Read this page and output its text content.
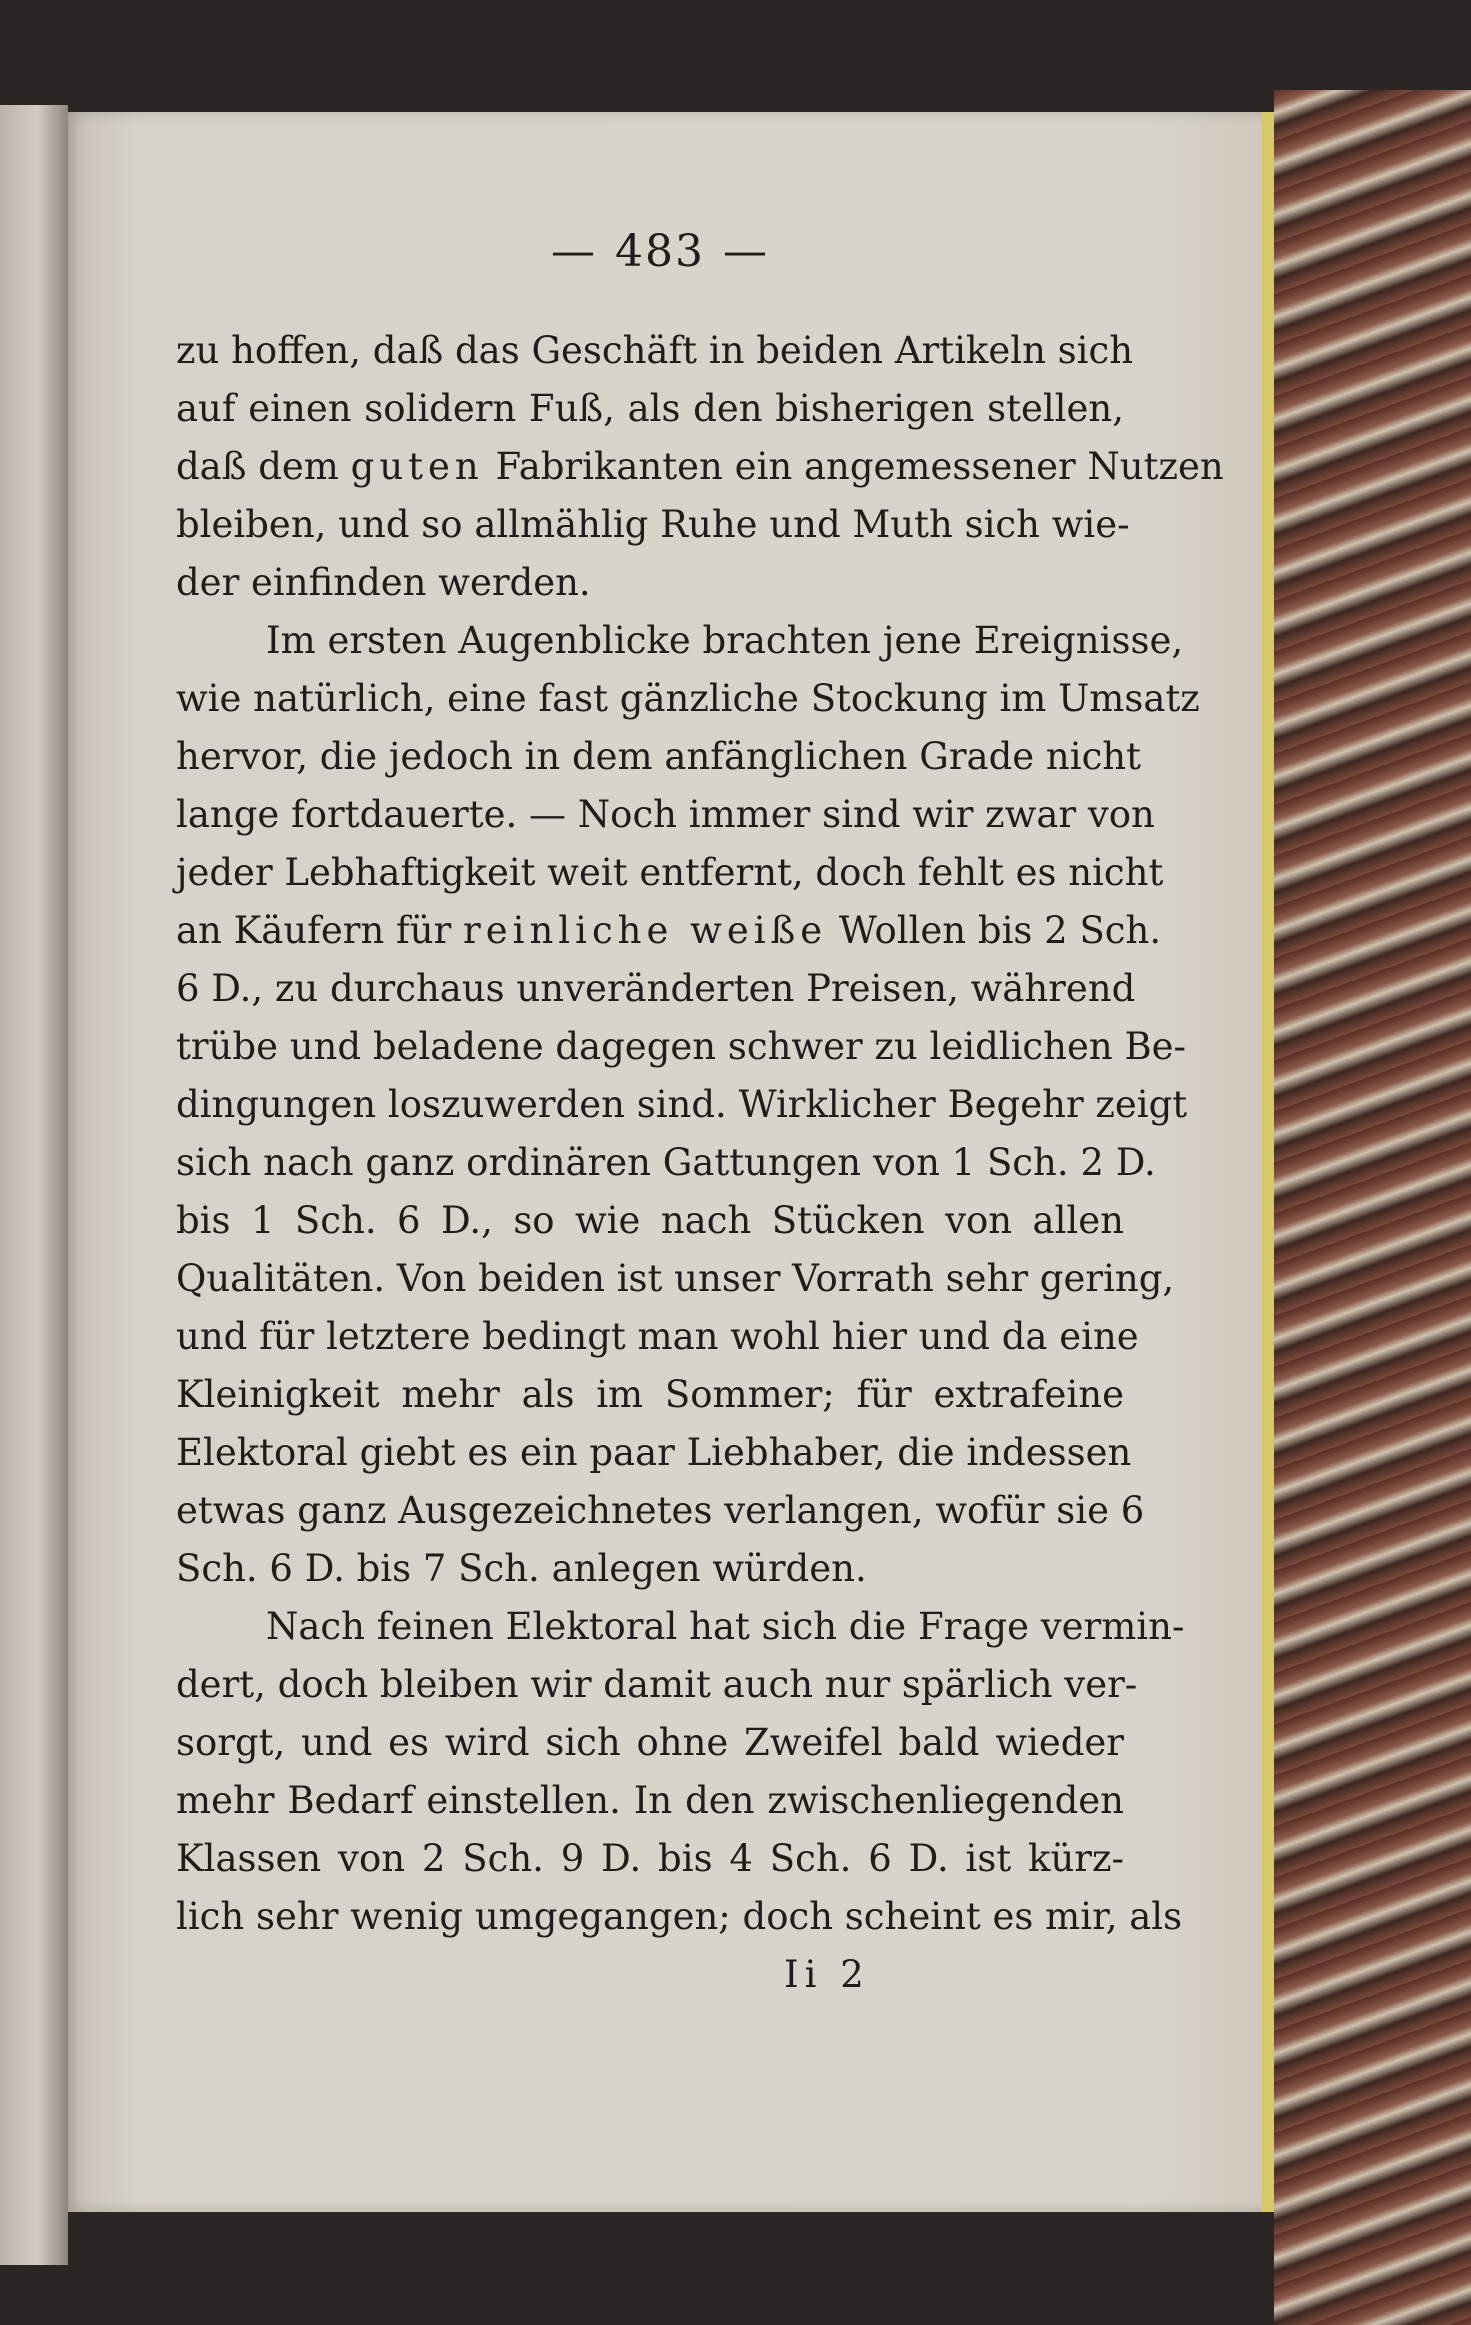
— 483 —
zu hoffen, daß das Geschäft in beiden Artikeln sich
auf einen solidern Fuß, als den bisherigen stellen,
daß dem guten Fabrikanten ein angemessener Nutzen
bleiben, und so allmählig Ruhe und Muth sich wie-
der einfinden werden.
Im ersten Augenblicke brachten jene Ereignisse,
wie natürlich, eine fast gänzliche Stockung im Umsatz
hervor, die jedoch in dem anfänglichen Grade nicht
lange fortdauerte. — Noch immer sind wir zwar von
jeder Lebhaftigkeit weit entfernt, doch fehlt es nicht
an Käufern für reinliche weiße Wollen bis 2 Sch.
6 D., zu durchaus unveränderten Preisen, während
trübe und beladene dagegen schwer zu leidlichen Be-
dingungen loszuwerden sind. Wirklicher Begehr zeigt
sich nach ganz ordinären Gattungen von 1 Sch. 2 D.
bis 1 Sch. 6 D., so wie nach Stücken von allen
Qualitäten. Von beiden ist unser Vorrath sehr gering,
und für letztere bedingt man wohl hier und da eine
Kleinigkeit mehr als im Sommer; für extrafeine
Elektoral giebt es ein paar Liebhaber, die indessen
etwas ganz Ausgezeichnetes verlangen, wofür sie 6
Sch. 6 D. bis 7 Sch. anlegen würden.
Nach feinen Elektoral hat sich die Frage vermin-
dert, doch bleiben wir damit auch nur spärlich ver-
sorgt, und es wird sich ohne Zweifel bald wieder
mehr Bedarf einstellen. In den zwischenliegenden
Klassen von 2 Sch. 9 D. bis 4 Sch. 6 D. ist kürz-
lich sehr wenig umgegangen; doch scheint es mir, als
Ii 2
